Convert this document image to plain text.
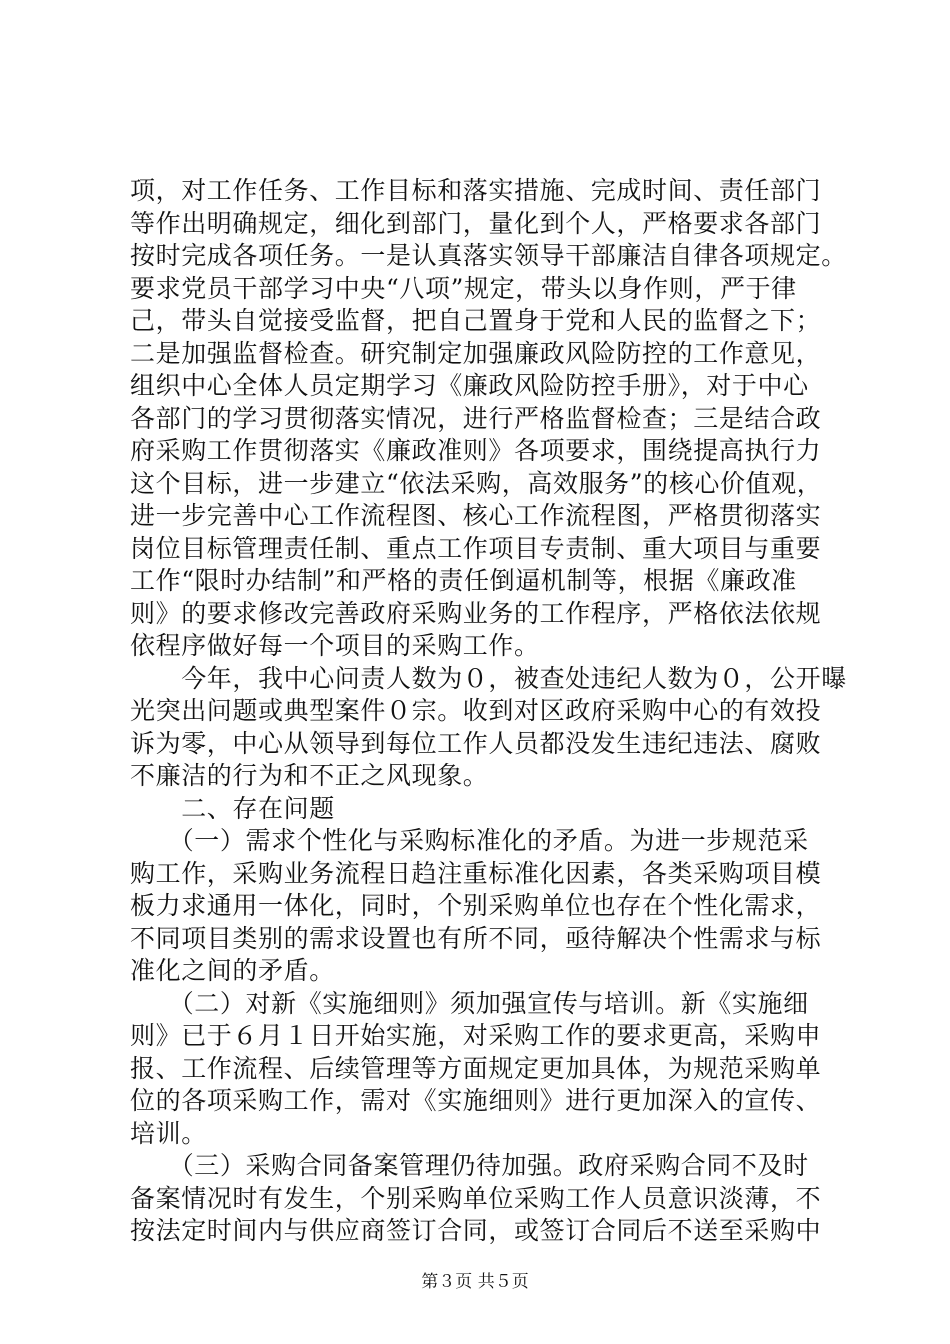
项，对工作任务、工作目标和落实措施、完成时间、责任部门
等作出明确规定，细化到部门，量化到个人，严格要求各部门
按时完成各项任务。一是认真落实领导干部廉洁自律各项规定。
要求党员干部学习中央“八项”规定，带头以身作则，严于律
己，带头自觉接受监督，把自己置身于党和人民的监督之下；
二是加强监督检查。研究制定加强廉政风险防控的工作意见，
组织中心全体人员定期学习《廉政风险防控手册》，对于中心
各部门的学习贯彻落实情况，进行严格监督检查；三是结合政
府采购工作贯彻落实《廉政准则》各项要求，围绕提高执行力
这个目标，进一步建立“依法采购，高效服务”的核心价值观，
进一步完善中心工作流程图、核心工作流程图，严格贯彻落实
岗位目标管理责任制、重点工作项目专责制、重大项目与重要
工作“限时办结制”和严格的责任倒逼机制等，根据《廉政准
则》的要求修改完善政府采购业务的工作程序，严格依法依规
依程序做好每一个项目的采购工作。
　　今年，我中心问责人数为０，被查处违纪人数为０，公开曝
光突出问题或典型案件０宗。收到对区政府采购中心的有效投
诉为零，中心从领导到每位工作人员都没发生违纪违法、腐败
不廉洁的行为和不正之风现象。
　　二、存在问题
　　（一）需求个性化与采购标准化的矛盾。为进一步规范采
购工作，采购业务流程日趋注重标准化因素，各类采购项目模
板力求通用一体化，同时，个别采购单位也存在个性化需求，
不同项目类别的需求设置也有所不同，亟待解决个性需求与标
准化之间的矛盾。
　　（二）对新《实施细则》须加强宣传与培训。新《实施细
则》已于６月１日开始实施，对采购工作的要求更高，采购申
报、工作流程、后续管理等方面规定更加具体，为规范采购单
位的各项采购工作，需对《实施细则》进行更加深入的宣传、
培训。
　　（三）采购合同备案管理仍待加强。政府采购合同不及时
备案情况时有发生，个别采购单位采购工作人员意识淡薄，不
按法定时间内与供应商签订合同，或签订合同后不送至采购中
第３页 共５页
